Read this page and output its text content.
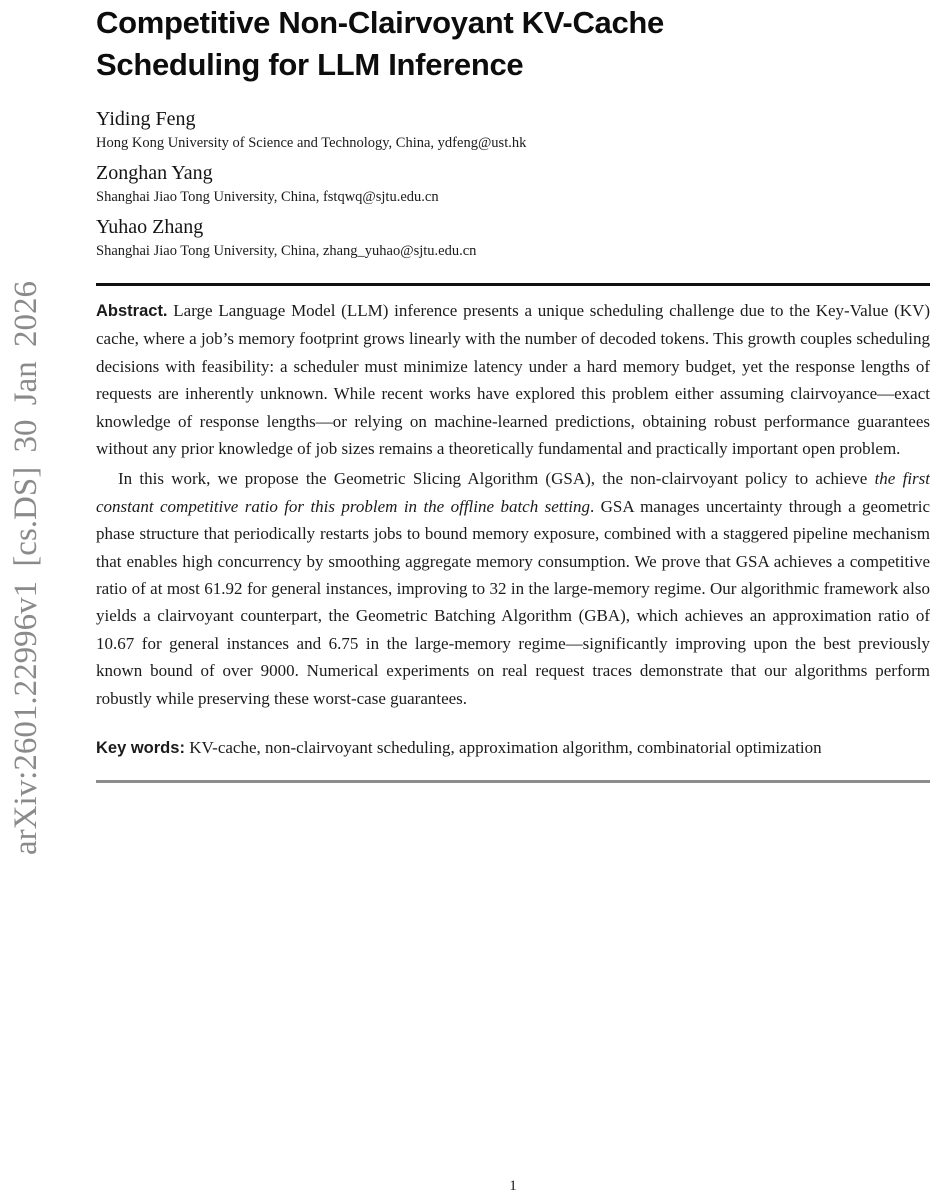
arXiv:2601.22996v1 [cs.DS] 30 Jan 2026
Competitive Non-Clairvoyant KV-Cache
Scheduling for LLM Inference
Yiding Feng
Hong Kong University of Science and Technology, China, ydfeng@ust.hk
Zonghan Yang
Shanghai Jiao Tong University, China, fstqwq@sjtu.edu.cn
Yuhao Zhang
Shanghai Jiao Tong University, China, zhang_yuhao@sjtu.edu.cn

Abstract. Large Language Model (LLM) inference presents a unique scheduling challenge due to the Key-Value (KV) cache, where a job’s memory footprint grows linearly with the number of decoded tokens. This growth couples scheduling decisions with feasibility: a scheduler must minimize latency under a hard memory budget, yet the response lengths of requests are inherently unknown. While recent works have explored this problem either assuming clairvoyance—exact knowledge of response lengths—or relying on machine-learned predictions, obtaining robust performance guarantees without any prior knowledge of job sizes remains a theoretically fundamental and practically important open problem.

In this work, we propose the Geometric Slicing Algorithm (GSA), the non-clairvoyant policy to achieve the first constant competitive ratio for this problem in the offline batch setting. GSA manages uncertainty through a geometric phase structure that periodically restarts jobs to bound memory exposure, combined with a staggered pipeline mechanism that enables high concurrency by smoothing aggregate memory consumption. We prove that GSA achieves a competitive ratio of at most 61.92 for general instances, improving to 32 in the large-memory regime. Our algorithmic framework also yields a clairvoyant counterpart, the Geometric Batching Algorithm (GBA), which achieves an approximation ratio of 10.67 for general instances and 6.75 in the large-memory regime—significantly improving upon the best previously known bound of over 9000. Numerical experiments on real request traces demonstrate that our algorithms perform robustly while preserving these worst-case guarantees.

Key words: KV-cache, non-clairvoyant scheduling, approximation algorithm, combinatorial optimization

1
